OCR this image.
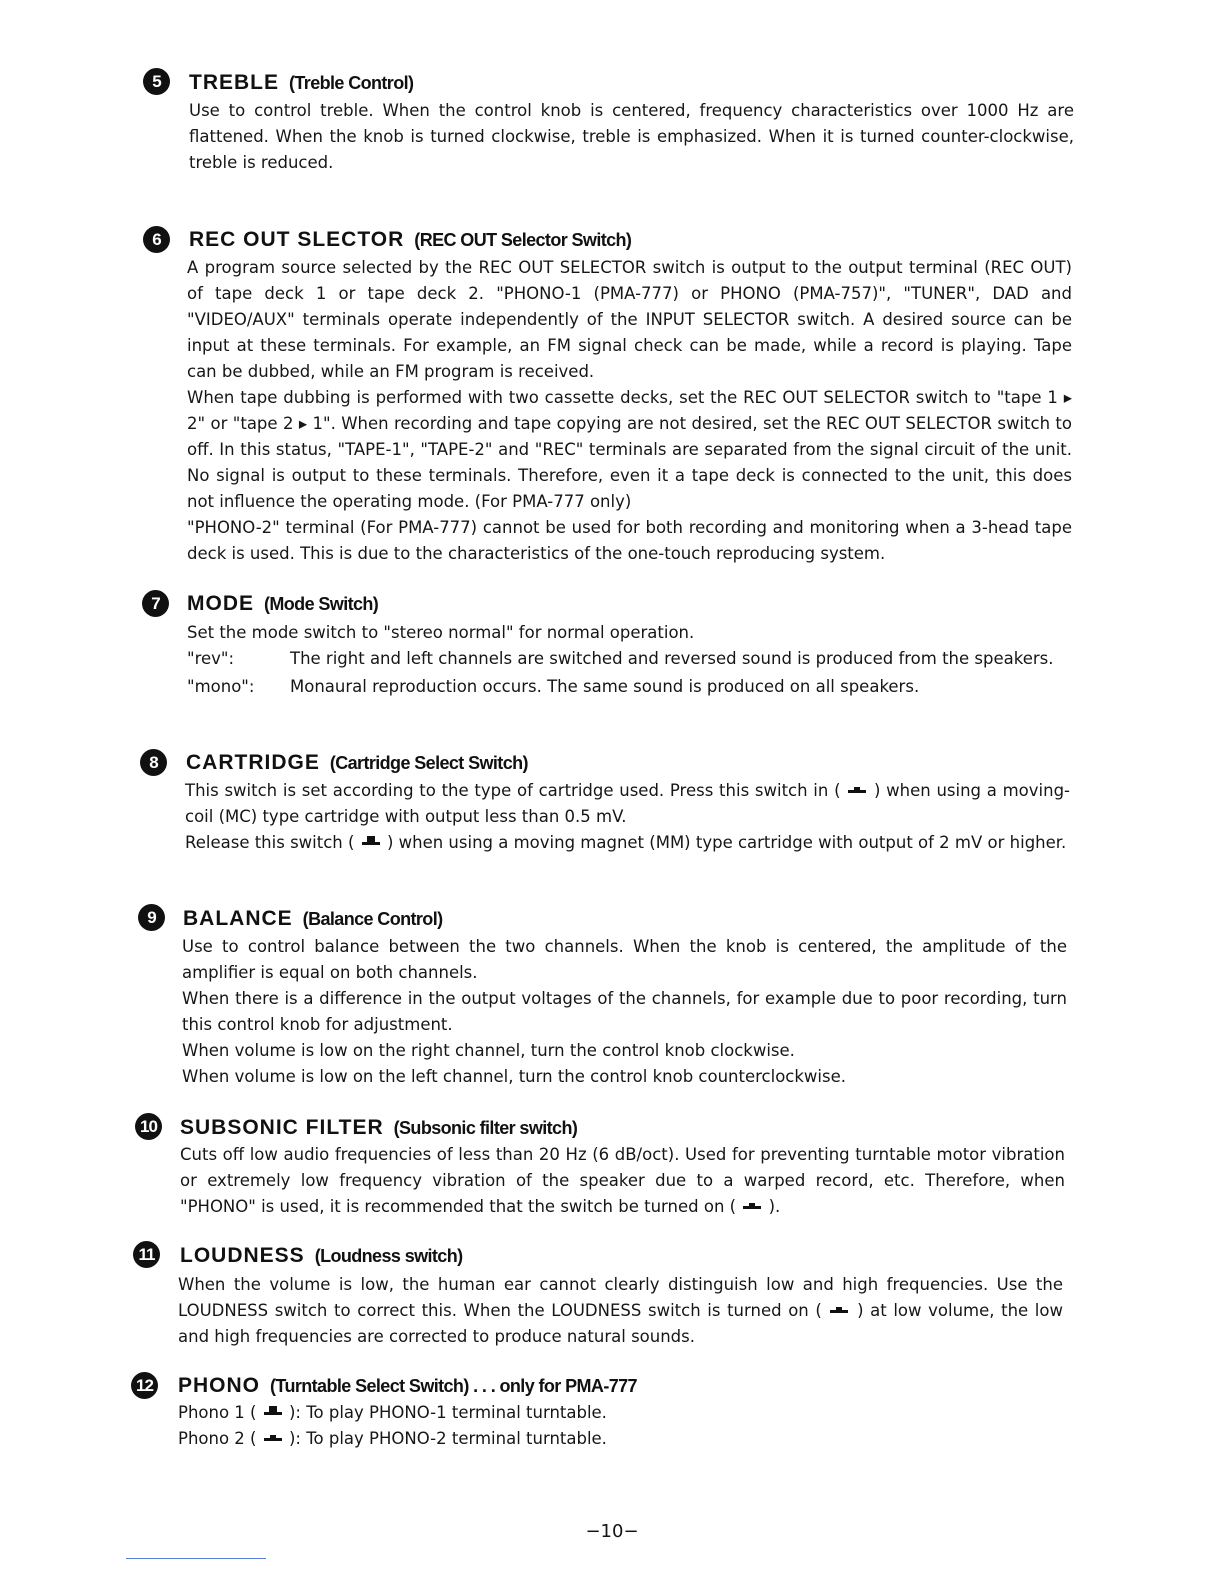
5	TREBLE (Treble Control)

Use to control treble. When the control knob is centered, frequency characteristics over 1000 Hz are flattened. When the knob is turned clockwise, treble is emphasized. When it is turned counter-clockwise, treble is reduced.

6	REC OUT SLECTOR (REC OUT Selector Switch)

A program source selected by the REC OUT SELECTOR switch is output to the output terminal (REC OUT) of tape deck 1 or tape deck 2. "PHONO-1 (PMA-777) or PHONO (PMA-757)", "TUNER", DAD and "VIDEO/AUX" terminals operate independently of the INPUT SELECTOR switch. A desired source can be input at these terminals. For example, an FM signal check can be made, while a record is playing. Tape can be dubbed, while an FM program is received.

When tape dubbing is performed with two cassette decks, set the REC OUT SELECTOR switch to "tape 1 ▸ 2" or "tape 2 ▸ 1". When recording and tape copying are not desired, set the REC OUT SELECTOR switch to off. In this status, "TAPE-1", "TAPE-2" and "REC" terminals are separated from the signal circuit of the unit. No signal is output to these terminals. Therefore, even it a tape deck is connected to the unit, this does not influence the operating mode. (For PMA-777 only)

"PHONO-2" terminal (For PMA-777) cannot be used for both recording and monitoring when a 3-head tape deck is used. This is due to the characteristics of the one-touch reproducing system.

7	MODE (Mode Switch)

Set the mode switch to "stereo normal" for normal operation.

"rev":	The right and left channels are switched and reversed sound is produced from the speakers.
"mono":	Monaural reproduction occurs. The same sound is produced on all speakers.
8	CARTRIDGE (Cartridge Select Switch)

This switch is set according to the type of cartridge used. Press this switch in ( ) when using a moving-coil (MC) type cartridge with output less than 0.5 mV.

Release this switch ( ) when using a moving magnet (MM) type cartridge with output of 2 mV or higher.

9	BALANCE (Balance Control)

Use to control balance between the two channels. When the knob is centered, the amplitude of the amplifier is equal on both channels.

When there is a difference in the output voltages of the channels, for example due to poor recording, turn this control knob for adjustment.

When volume is low on the right channel, turn the control knob clockwise.

When volume is low on the left channel, turn the control knob counterclockwise.

10 SUBSONIC FILTER (Subsonic filter switch)

Cuts off low audio frequencies of less than 20 Hz (6 dB/oct). Used for preventing turntable motor vibration or extremely low frequency vibration of the speaker due to a warped record, etc. Therefore, when "PHONO" is used, it is recommended that the switch be turned on ( ).

11 LOUDNESS (Loudness switch)

When the volume is low, the human ear cannot clearly distinguish low and high frequencies. Use the LOUDNESS switch to correct this. When the LOUDNESS switch is turned on ( ) at low volume, the low and high frequencies are corrected to produce natural sounds.

12 PHONO (Turntable Select Switch) . . . only for PMA-777

Phono 1 ( ): To play PHONO-1 terminal turntable.

Phono 2 ( ): To play PHONO-2 terminal turntable.

−10−
